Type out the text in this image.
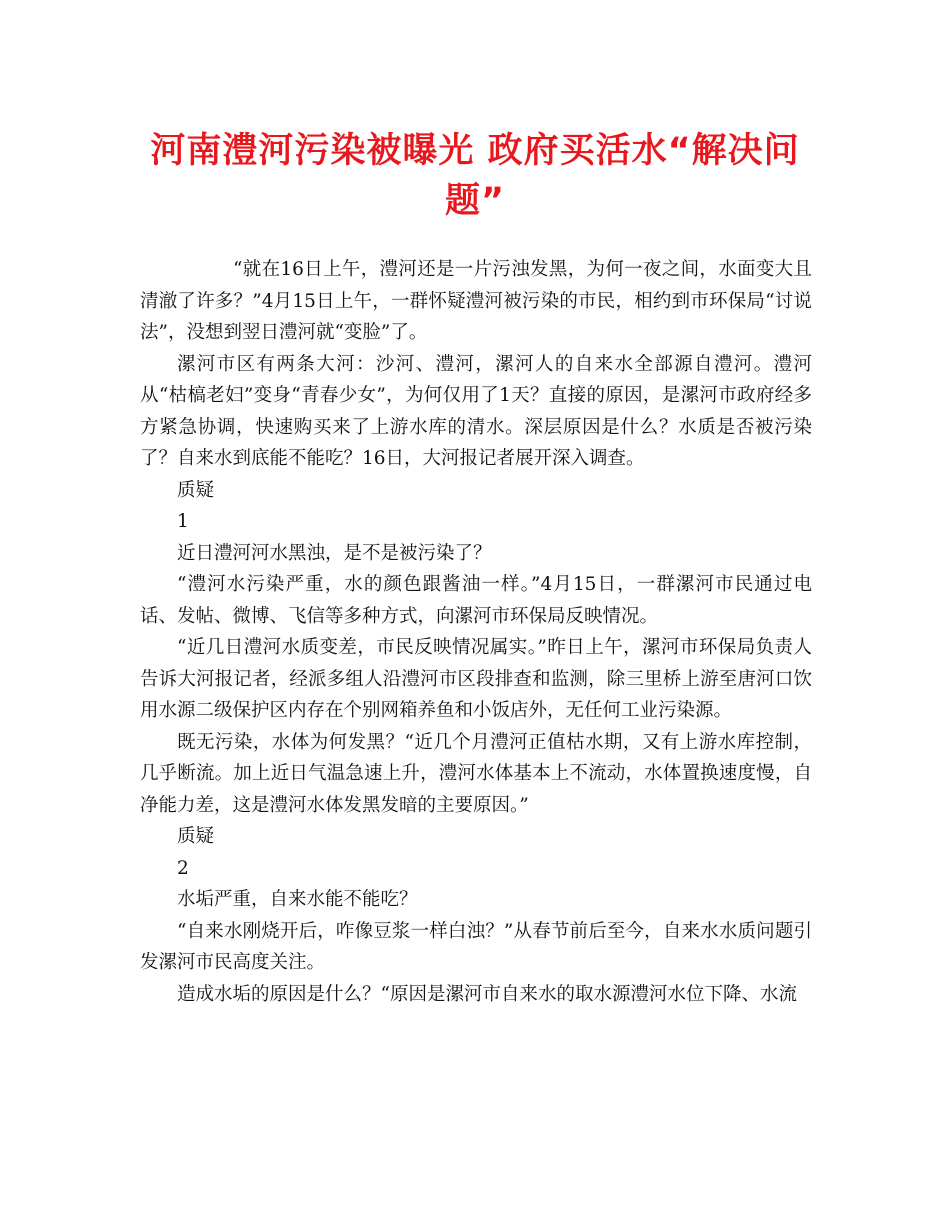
河南澧河污染被曝光 政府买活水“解决问题”

“就在16日上午，澧河还是一片污浊发黑，为何一夜之间，水面变大且清澈了许多？”4月15日上午，一群怀疑澧河被污染的市民，相约到市环保局“讨说法”，没想到翌日澧河就“变脸”了。

漯河市区有两条大河：沙河、澧河，漯河人的自来水全部源自澧河。澧河从“枯槁老妇”变身“青春少女”，为何仅用了1天？直接的原因，是漯河市政府经多方紧急协调，快速购买来了上游水库的清水。深层原因是什么？水质是否被污染了？自来水到底能不能吃？16日，大河报记者展开深入调查。

质疑

1

近日澧河河水黑浊，是不是被污染了？

“澧河水污染严重，水的颜色跟酱油一样。”4月15日，一群漯河市民通过电话、发帖、微博、飞信等多种方式，向漯河市环保局反映情况。

“近几日澧河水质变差，市民反映情况属实。”昨日上午，漯河市环保局负责人告诉大河报记者，经派多组人沿澧河市区段排查和监测，除三里桥上游至唐河口饮用水源二级保护区内存在个别网箱养鱼和小饭店外，无任何工业污染源。

既无污染，水体为何发黑？“近几个月澧河正值枯水期，又有上游水库控制，几乎断流。加上近日气温急速上升，澧河水体基本上不流动，水体置换速度慢，自净能力差，这是澧河水体发黑发暗的主要原因。”

质疑

2

水垢严重，自来水能不能吃？

“自来水刚烧开后，咋像豆浆一样白浊？”从春节前后至今，自来水水质问题引发漯河市民高度关注。

造成水垢的原因是什么？“原因是漯河市自来水的取水源澧河水位下降、水流
